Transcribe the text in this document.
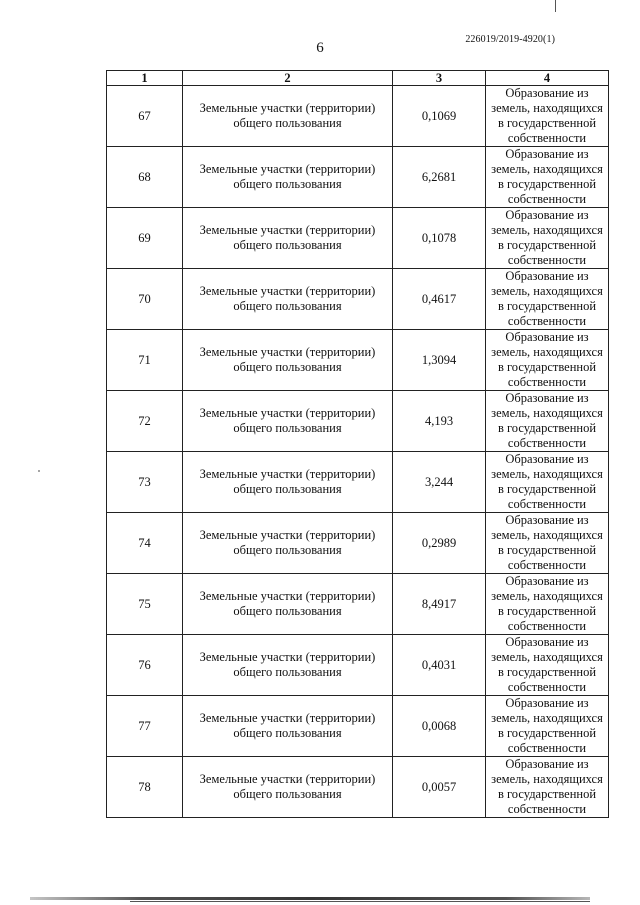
226019/2019-4920(1)
6
1	2	3	4
67	Земельные участки (территории) общего пользования	0,1069	Образование из земель, находящихся в государственной собственности
68	Земельные участки (территории) общего пользования	6,2681	Образование из земель, находящихся в государственной собственности
69	Земельные участки (территории) общего пользования	0,1078	Образование из земель, находящихся в государственной собственности
70	Земельные участки (территории) общего пользования	0,4617	Образование из земель, находящихся в государственной собственности
71	Земельные участки (территории) общего пользования	1,3094	Образование из земель, находящихся в государственной собственности
72	Земельные участки (территории) общего пользования	4,193	Образование из земель, находящихся в государственной собственности
73	Земельные участки (территории) общего пользования	3,244	Образование из земель, находящихся в государственной собственности
74	Земельные участки (территории) общего пользования	0,2989	Образование из земель, находящихся в государственной собственности
75	Земельные участки (территории) общего пользования	8,4917	Образование из земель, находящихся в государственной собственности
76	Земельные участки (территории) общего пользования	0,4031	Образование из земель, находящихся в государственной собственности
77	Земельные участки (территории) общего пользования	0,0068	Образование из земель, находящихся в государственной собственности
78	Земельные участки (территории) общего пользования	0,0057	Образование из земель, находящихся в государственной собственности
